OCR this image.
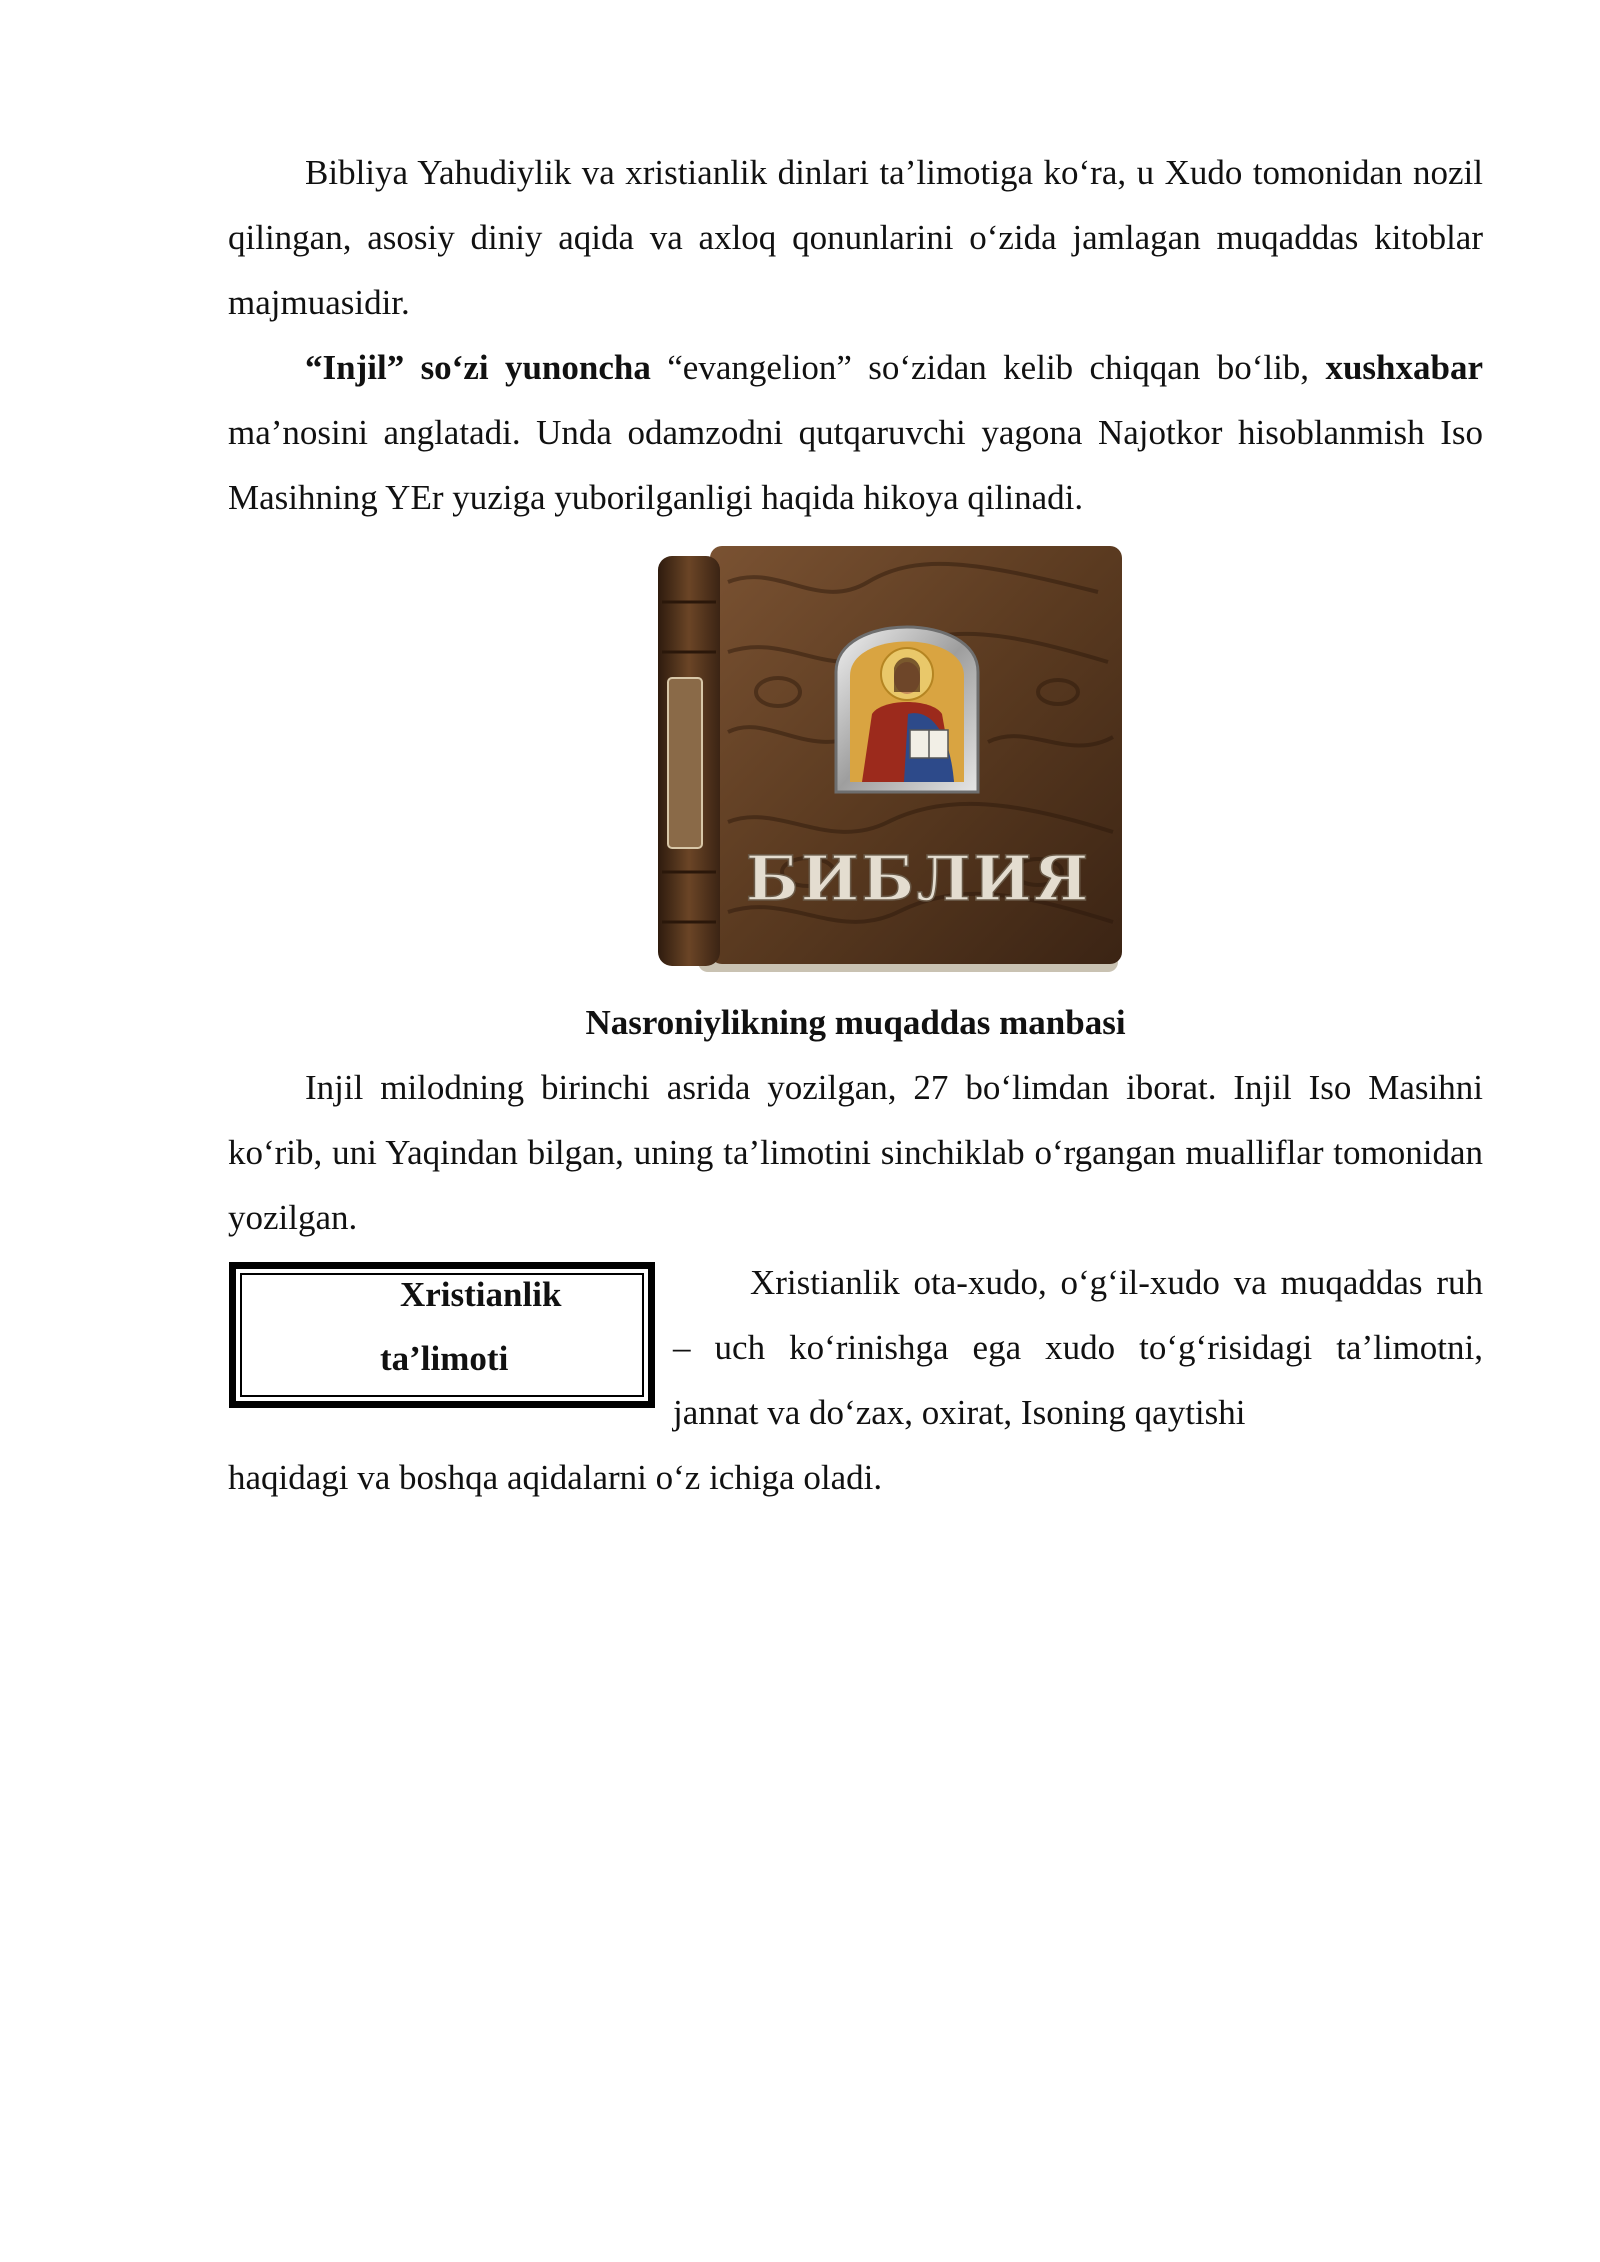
Bibliya Yahudiylik va xristianlik dinlari ta’limotiga ko‘ra, u Xudo tomonidan nozil qilingan, asosiy diniy aqida va axloq qonunlarini o‘zida jamlagan muqaddas kitoblar majmuasidir.
“Injil” so‘zi yunoncha “evangelion” so‘zidan kelib chiqqan bo‘lib, xushxabar ma’nosini anglatadi. Unda odamzodni qutqaruvchi yagona Najotkor hisoblanmish Iso Masihning YEr yuziga yuborilganligi haqida hikoya qilinadi.
БИБЛИЯ
Nasroniylikning muqaddas manbasi
Injil milodning birinchi asrida yozilgan, 27 bo‘limdan iborat. Injil Iso Masihni ko‘rib, uni Yaqindan bilgan, uning ta’limotini sinchiklab o‘rgangan mualliflar tomonidan yozilgan.
Xristianlik
ta’limoti
Xristianlik ota-xudo, o‘g‘il-xudo va muqaddas ruh – uch ko‘rinishga ega xudo to‘g‘risidagi ta’limotni, jannat va do‘zax, oxirat, Isoning qaytishi
haqidagi va boshqa aqidalarni o‘z ichiga oladi.
